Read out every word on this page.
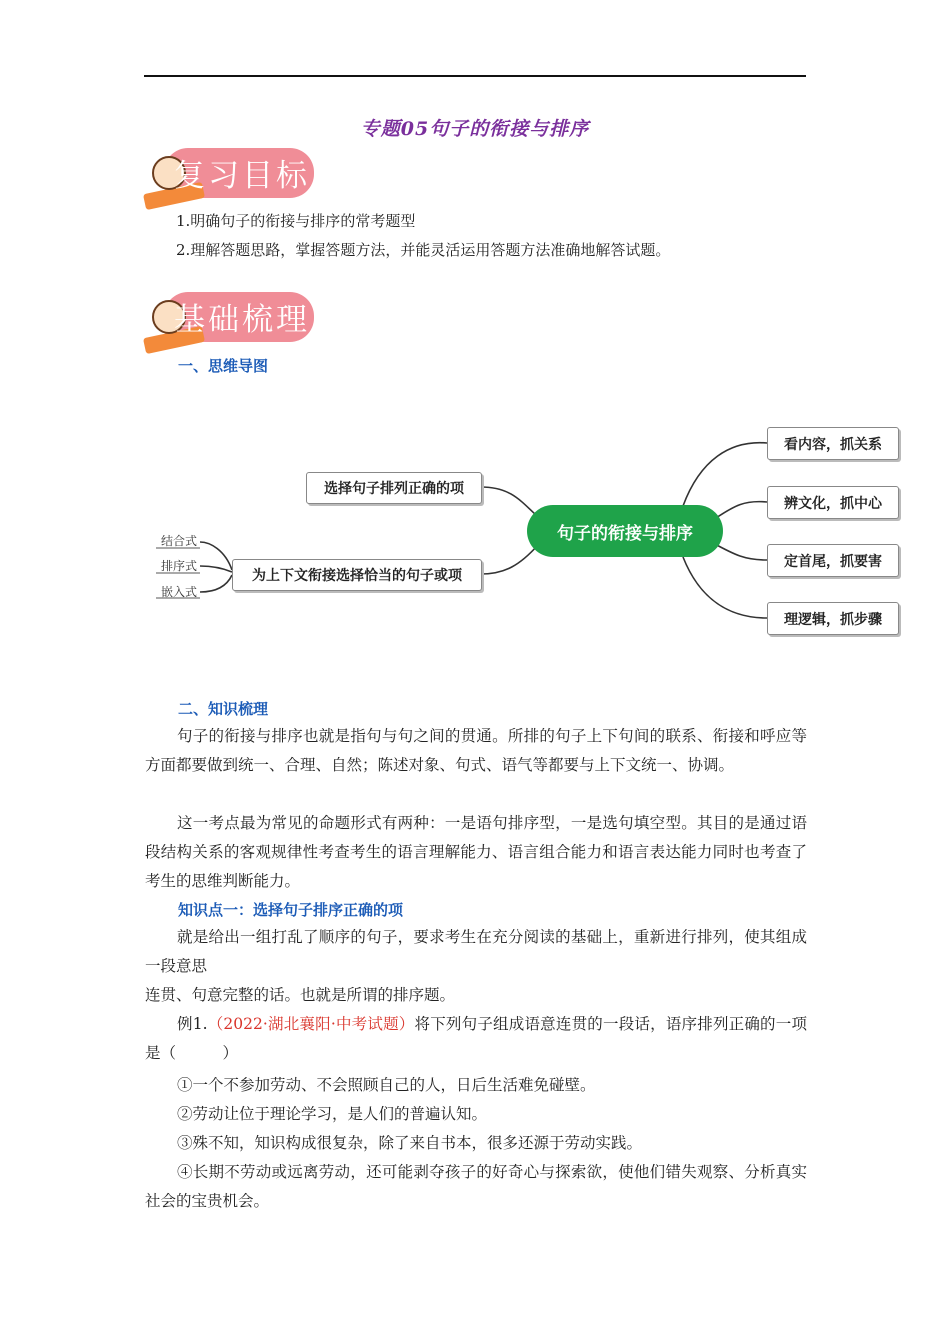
专题05句子的衔接与排序
复习目标
1.明确句子的衔接与排序的常考题型
2.理解答题思路，掌握答题方法，并能灵活运用答题方法准确地解答试题。
基础梳理
一、思维导图
句子的衔接与排序
选择句子排列正确的项
为上下文衔接选择恰当的句子或项
结合式
排序式
嵌入式
看内容，抓关系
辨文化，抓中心
定首尾，抓要害
理逻辑，抓步骤
二、知识梳理
句子的衔接与排序也就是指句与句之间的贯通。所排的句子上下句间的联系、衔接和呼应等方面都要做到统一、合理、自然；陈述对象、句式、语气等都要与上下文统一、协调。
这一考点最为常见的命题形式有两种：一是语句排序型，一是选句填空型。其目的是通过语段结构关系的客观规律性考查考生的语言理解能力、语言组合能力和语言表达能力同时也考查了考生的思维判断能力。
知识点一：选择句子排序正确的项
就是给出一组打乱了顺序的句子，要求考生在充分阅读的基础上，重新进行排列，使其组成一段意思
连贯、句意完整的话。也就是所谓的排序题。
例1.（2022·湖北襄阳·中考试题）将下列句子组成语意连贯的一段话，语序排列正确的一项是（　　　）
①一个不参加劳动、不会照顾自己的人，日后生活难免碰壁。
②劳动让位于理论学习，是人们的普遍认知。
③殊不知，知识构成很复杂，除了来自书本，很多还源于劳动实践。
④长期不劳动或远离劳动，还可能剥夺孩子的好奇心与探索欲，使他们错失观察、分析真实社会的宝贵机会。
